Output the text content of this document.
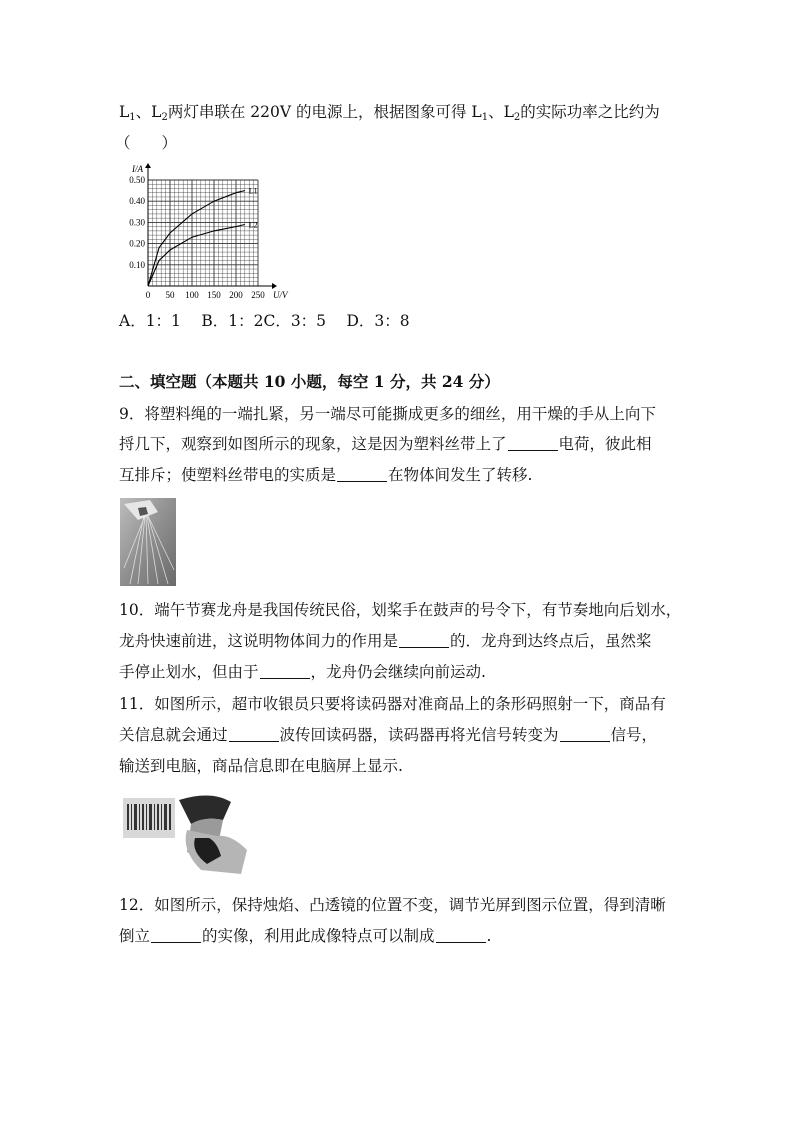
$L_1$、$L_2$两灯串联在 220V 的电源上，根据图象可得 $L_1$、$L_2$的实际功率之比约为
（　　）
0 50 100 150 200 250
0.10
0.20
0.30
0.40
0.50
U/V
I/A
L1
L2
A．1：1　 B．1：2C．3：5　 D．3：8
二、填空题（本题共 10 小题，每空 1 分，共 24 分）
9．将塑料绳的一端扎紧，另一端尽可能撕成更多的细丝，用干燥的手从上向下
捋几下，观察到如图所示的现象，这是因为塑料丝带上了	电荷，彼此相
互排斥；使塑料丝带电的实质是	在物体间发生了转移.
10．端午节赛龙舟是我国传统民俗，划桨手在鼓声的号令下，有节奏地向后划水，
龙舟快速前进，这说明物体间力的作用是	的．龙舟到达终点后，虽然桨
手停止划水，但由于	，龙舟仍会继续向前运动.
11．如图所示，超市收银员只要将读码器对准商品上的条形码照射一下，商品有
关信息就会通过	波传回读码器，读码器再将光信号转变为	信号，
输送到电脑，商品信息即在电脑屏上显示.
12．如图所示，保持烛焰、凸透镜的位置不变，调节光屏到图示位置，得到清晰
倒立	的实像，利用此成像特点可以制成	.
